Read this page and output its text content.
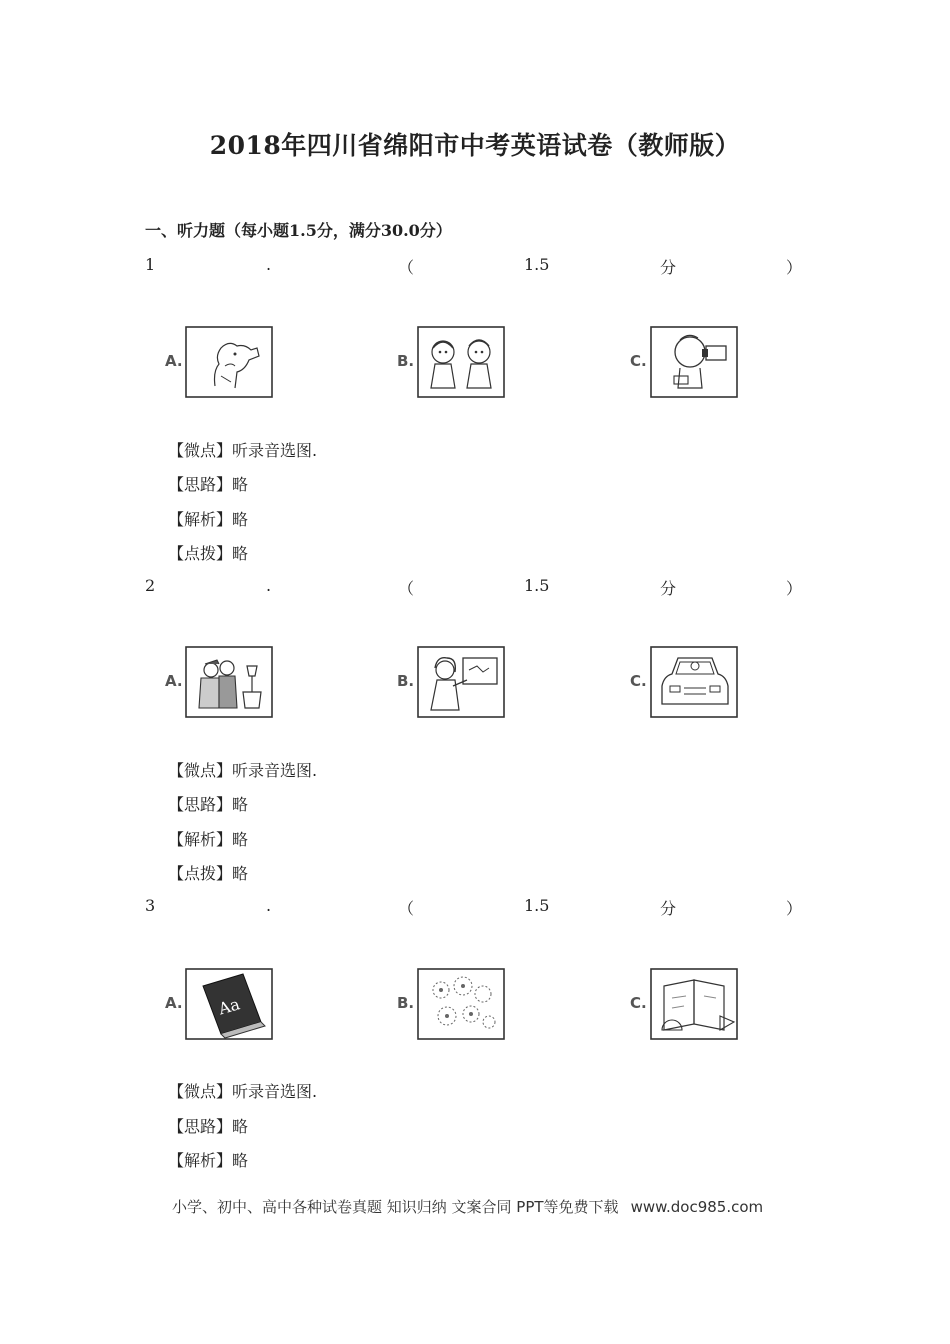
2018年四川省绵阳市中考英语试卷（教师版）
一、听力题（每小题1.5分，满分30.0分）
1	.	（	1.5	分	）
A.	B.	C.
【微点】听录音选图.
【思路】略
【解析】略
【点拨】略
2	.	（	1.5	分	）
A.	B.	C.
【微点】听录音选图.
【思路】略
【解析】略
【点拨】略
3	.	（	1.5	分	）
A. Aa	B.	C.
【微点】听录音选图.
【思路】略
【解析】略
小学、初中、高中各种试卷真题 知识归纳 文案合同 PPT等免费下载 www.doc985.com
